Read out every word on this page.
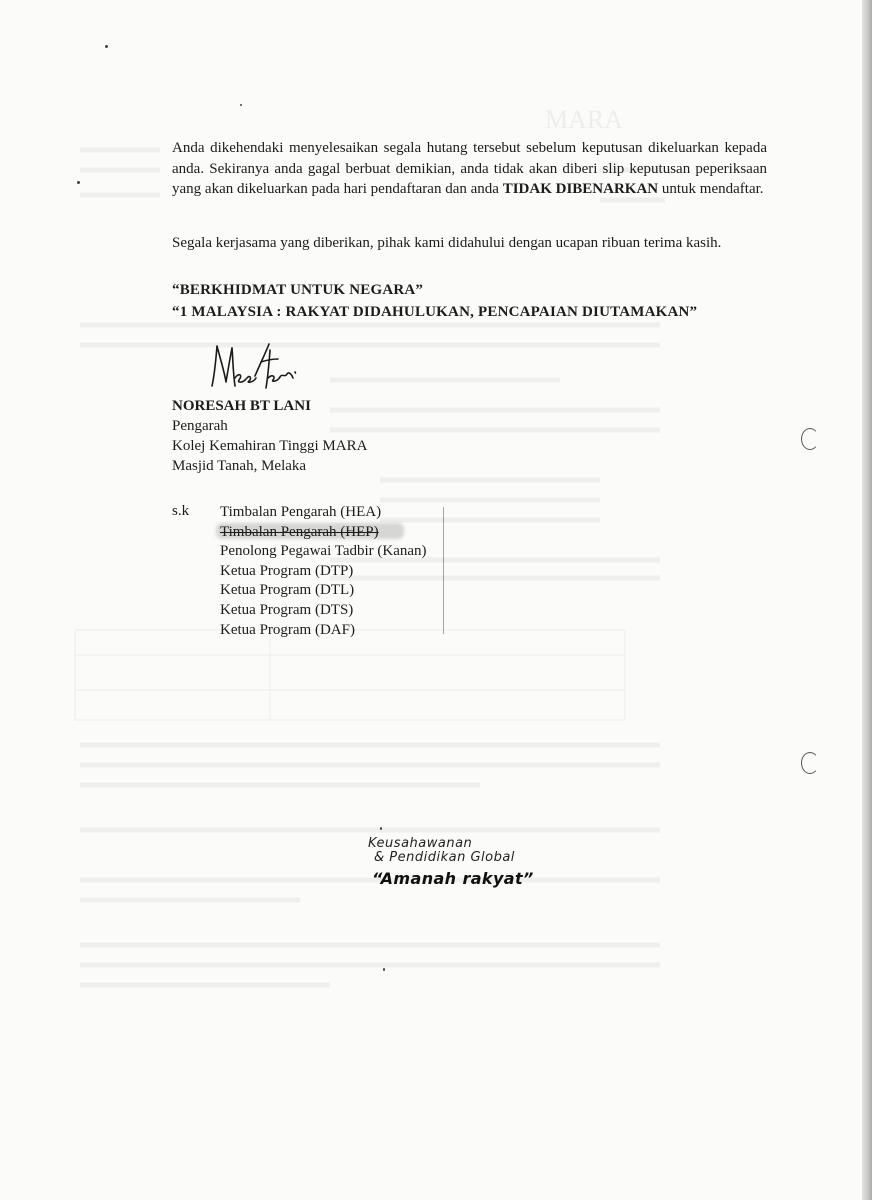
MARA

Anda dikehendaki menyelesaikan segala hutang tersebut sebelum keputusan dikeluarkan kepada anda. Sekiranya anda gagal berbuat demikian, anda tidak akan diberi slip keputusan peperiksaan yang akan dikeluarkan pada hari pendaftaran dan anda TIDAK DIBENARKAN untuk mendaftar.

Segala kerjasama yang diberikan, pihak kami didahului dengan ucapan ribuan terima kasih.

“BERKHIDMAT UNTUK NEGARA”
“1 MALAYSIA : RAKYAT DIDAHULUKAN, PENCAPAIAN DIUTAMAKAN”
NORESAH BT LANI
Pengarah
Kolej Kemahiran Tinggi MARA
Masjid Tanah, Melaka
s.k Timbalan Pengarah (HEA)
Timbalan Pengarah (HEP)
Penolong Pegawai Tadbir (Kanan)
Ketua Program (DTP)
Ketua Program (DTL)
Ketua Program (DTS)
Ketua Program (DAF)
Keusahawanan
& Pendidikan Global
“Amanah rakyat”
